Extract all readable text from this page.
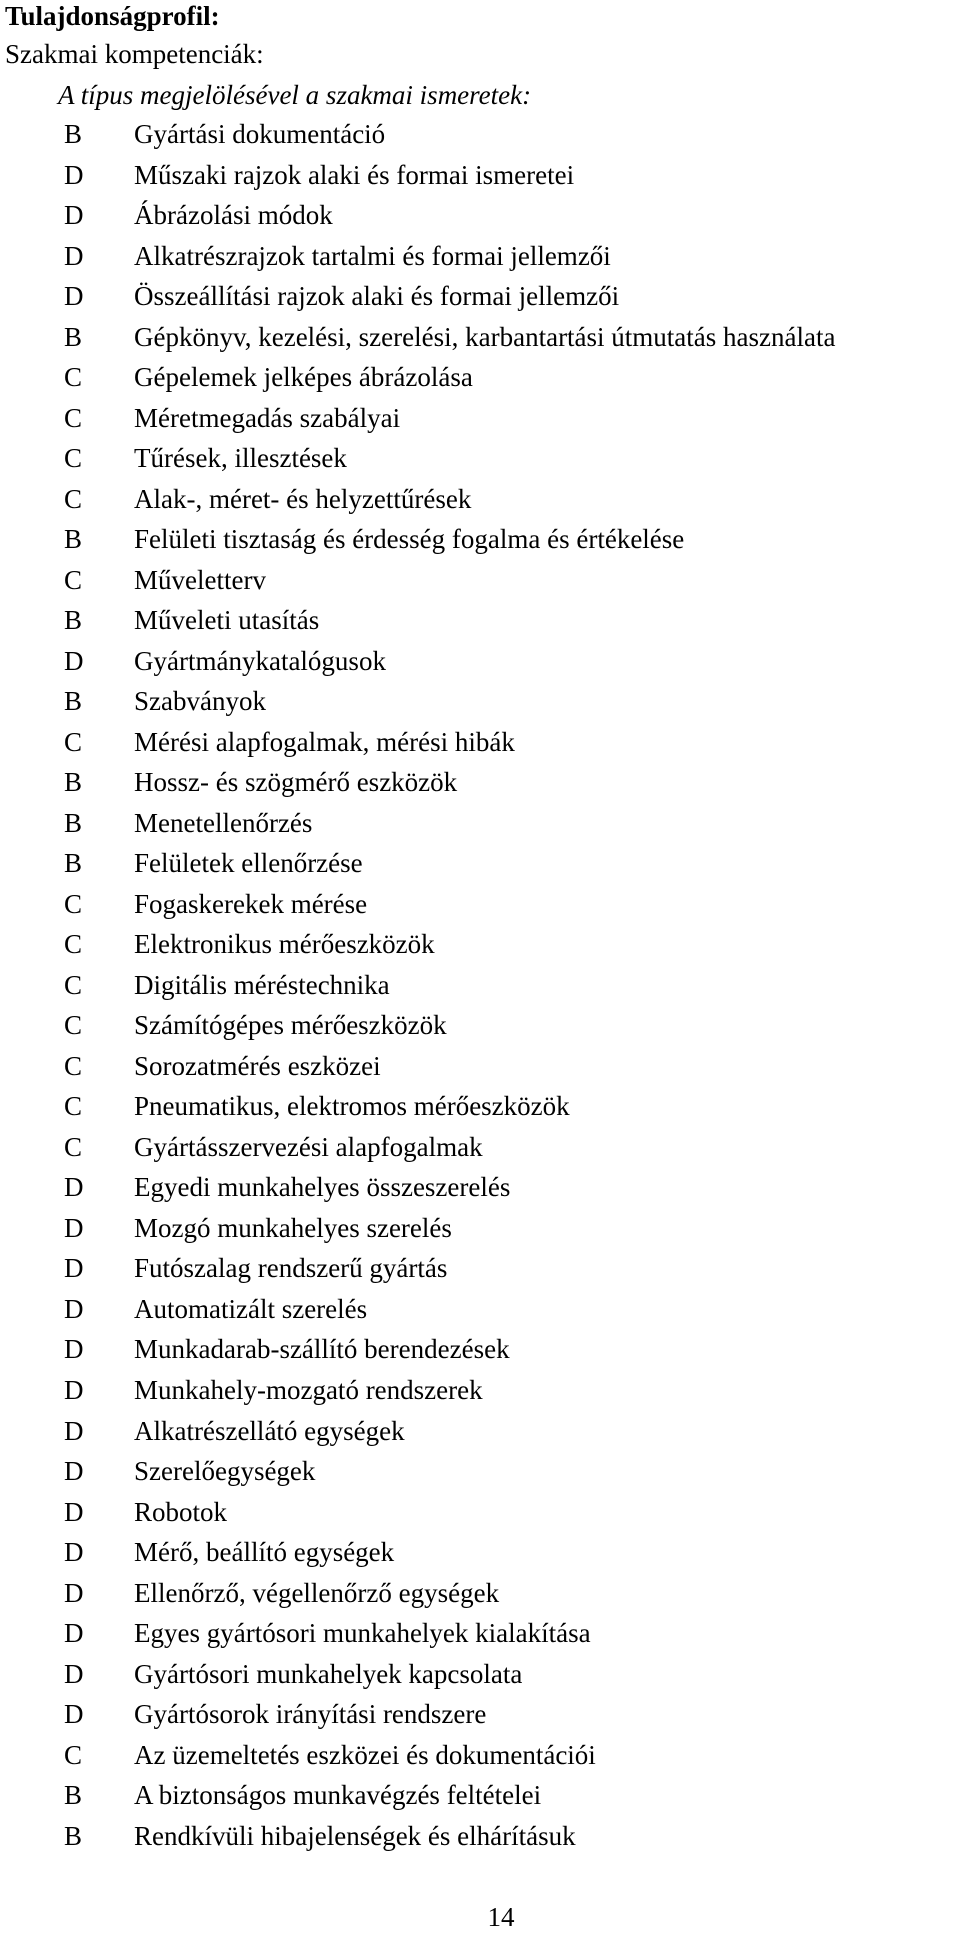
Tulajdonságprofil:
Szakmai kompetenciák:
A típus megjelölésével a szakmai ismeretek:
B Gyártási dokumentáció
D Műszaki rajzok alaki és formai ismeretei
D Ábrázolási módok
D Alkatrészrajzok tartalmi és formai jellemzői
D Összeállítási rajzok alaki és formai jellemzői
B Gépkönyv, kezelési, szerelési, karbantartási útmutatás használata
C Gépelemek jelképes ábrázolása
C Méretmegadás szabályai
C Tűrések, illesztések
C Alak-, méret- és helyzettűrések
B Felületi tisztaság és érdesség fogalma és értékelése
C Műveletterv
B Műveleti utasítás
D Gyártmánykatalógusok
B Szabványok
C Mérési alapfogalmak, mérési hibák
B Hossz- és szögmérő eszközök
B Menetellenőrzés
B Felületek ellenőrzése
C Fogaskerekek mérése
C Elektronikus mérőeszközök
C Digitális méréstechnika
C Számítógépes mérőeszközök
C Sorozatmérés eszközei
C Pneumatikus, elektromos mérőeszközök
C Gyártásszervezési alapfogalmak
D Egyedi munkahelyes összeszerelés
D Mozgó munkahelyes szerelés
D Futószalag rendszerű gyártás
D Automatizált szerelés
D Munkadarab-szállító berendezések
D Munkahely-mozgató rendszerek
D Alkatrészellátó egységek
D Szerelőegységek
D Robotok
D Mérő, beállító egységek
D Ellenőrző, végellenőrző egységek
D Egyes gyártósori munkahelyek kialakítása
D Gyártósori munkahelyek kapcsolata
D Gyártósorok irányítási rendszere
C Az üzemeltetés eszközei és dokumentációi
B A biztonságos munkavégzés feltételei
B Rendkívüli hibajelenségek és elhárításuk
14
